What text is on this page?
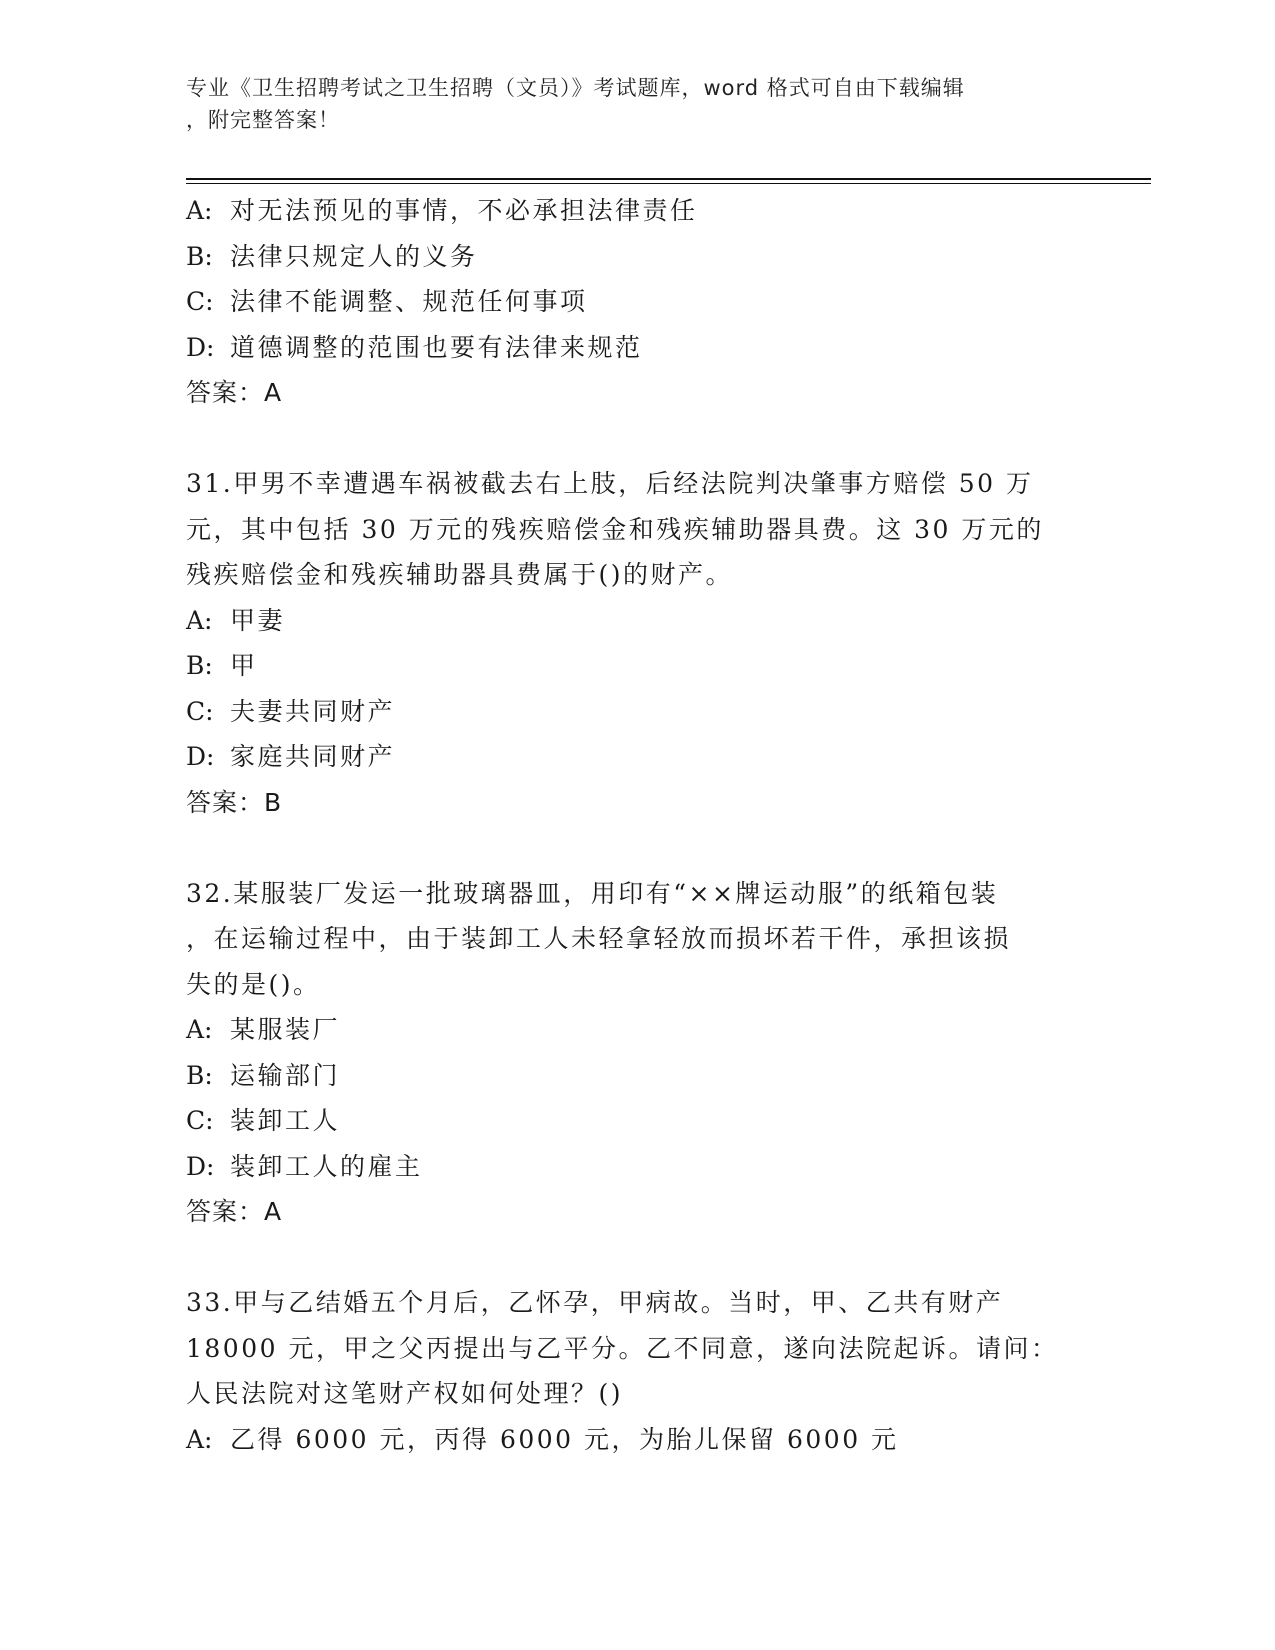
专业《卫生招聘考试之卫生招聘（文员）》考试题库，word 格式可自由下载编辑
，附完整答案！
A: 对无法预见的事情，不必承担法律责任
B: 法律只规定人的义务
C: 法律不能调整、规范任何事项
D: 道德调整的范围也要有法律来规范
答案：A
31.甲男不幸遭遇车祸被截去右上肢，后经法院判决肇事方赔偿 50 万
元，其中包括 30 万元的残疾赔偿金和残疾辅助器具费。这 30 万元的
残疾赔偿金和残疾辅助器具费属于()的财产。
A: 甲妻
B: 甲
C: 夫妻共同财产
D: 家庭共同财产
答案：B
32.某服装厂发运一批玻璃器皿，用印有“××牌运动服”的纸箱包装
，在运输过程中，由于装卸工人未轻拿轻放而损坏若干件，承担该损
失的是()。
A: 某服装厂
B: 运输部门
C: 装卸工人
D: 装卸工人的雇主
答案：A
33.甲与乙结婚五个月后，乙怀孕，甲病故。当时，甲、乙共有财产
18000 元，甲之父丙提出与乙平分。乙不同意，遂向法院起诉。请问：
人民法院对这笔财产权如何处理？()
A: 乙得 6000 元，丙得 6000 元，为胎儿保留 6000 元
